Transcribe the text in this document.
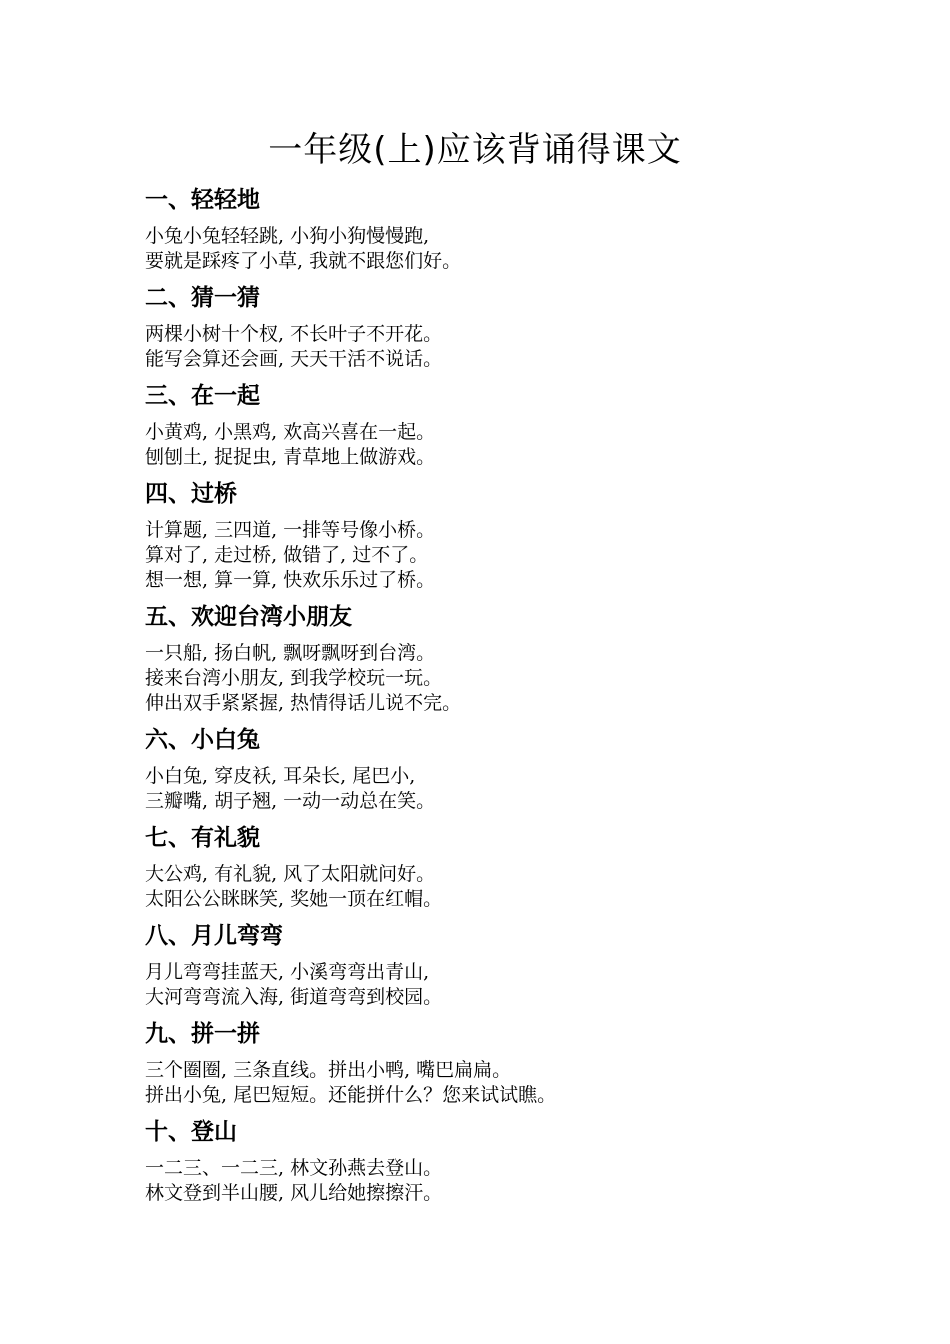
一年级(上)应该背诵得课文
一、轻轻地
小兔小兔轻轻跳, 小狗小狗慢慢跑,
要就是踩疼了小草, 我就不跟您们好。
二、猜一猜
两棵小树十个杈, 不长叶子不开花。
能写会算还会画, 天天干活不说话。
三、在一起
小黄鸡, 小黑鸡, 欢高兴喜在一起。
刨刨土, 捉捉虫, 青草地上做游戏。
四、过桥
计算题, 三四道, 一排等号像小桥。
算对了, 走过桥, 做错了, 过不了。
想一想, 算一算, 快欢乐乐过了桥。
五、欢迎台湾小朋友
一只船, 扬白帆, 飘呀飘呀到台湾。
接来台湾小朋友, 到我学校玩一玩。
伸出双手紧紧握, 热情得话儿说不完。
六、小白兔
小白兔, 穿皮袄, 耳朵长, 尾巴小,
三瓣嘴, 胡子翘, 一动一动总在笑。
七、有礼貌
大公鸡, 有礼貌, 风了太阳就问好。
太阳公公眯眯笑, 奖她一顶在红帽。
八、月儿弯弯
月儿弯弯挂蓝天, 小溪弯弯出青山,
大河弯弯流入海, 街道弯弯到校园。
九、拼一拼
三个圈圈, 三条直线。拼出小鸭, 嘴巴扁扁。
拼出小兔, 尾巴短短。还能拼什么？您来试试瞧。
十、登山
一二三、一二三, 林文孙燕去登山。
林文登到半山腰, 风儿给她擦擦汗。
